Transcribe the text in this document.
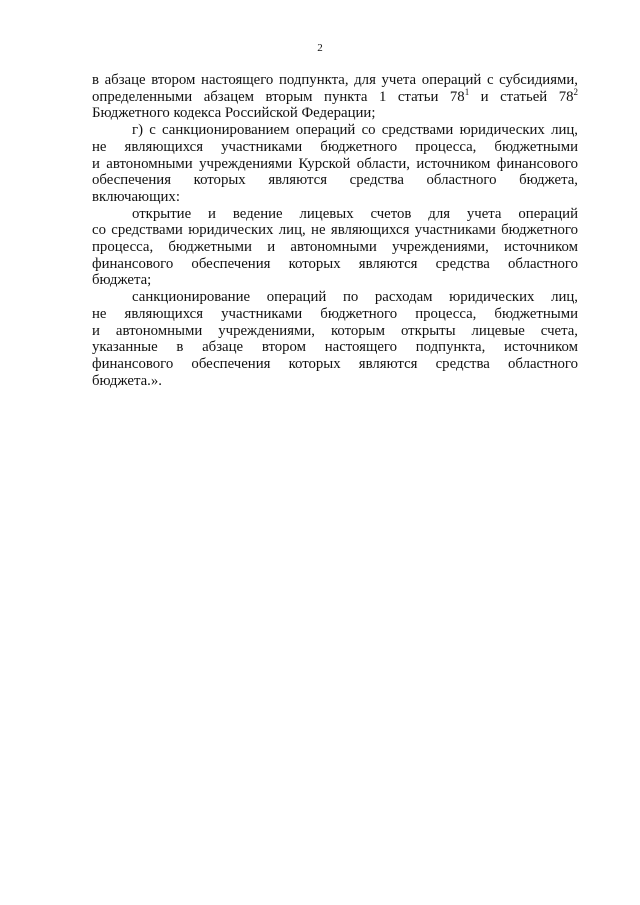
2
в абзаце втором настоящего подпункта, для учета операций с субсидиями,
определенными абзацем вторым пункта 1 статьи $78^1$ и статьей $78^2$
Бюджетного кодекса Российской Федерации;
г) с санкционированием операций со средствами юридических лиц,
не являющихся участниками бюджетного процесса, бюджетными
и автономными учреждениями Курской области, источником финансового
обеспечения которых являются средства областного бюджета,
включающих:
открытие и ведение лицевых счетов для учета операций
со средствами юридических лиц, не являющихся участниками бюджетного
процесса, бюджетными и автономными учреждениями, источником
финансового обеспечения которых являются средства областного
бюджета;
санкционирование операций по расходам юридических лиц,
не являющихся участниками бюджетного процесса, бюджетными
и автономными учреждениями, которым открыты лицевые счета,
указанные в абзаце втором настоящего подпункта, источником
финансового обеспечения которых являются средства областного
бюджета.».
